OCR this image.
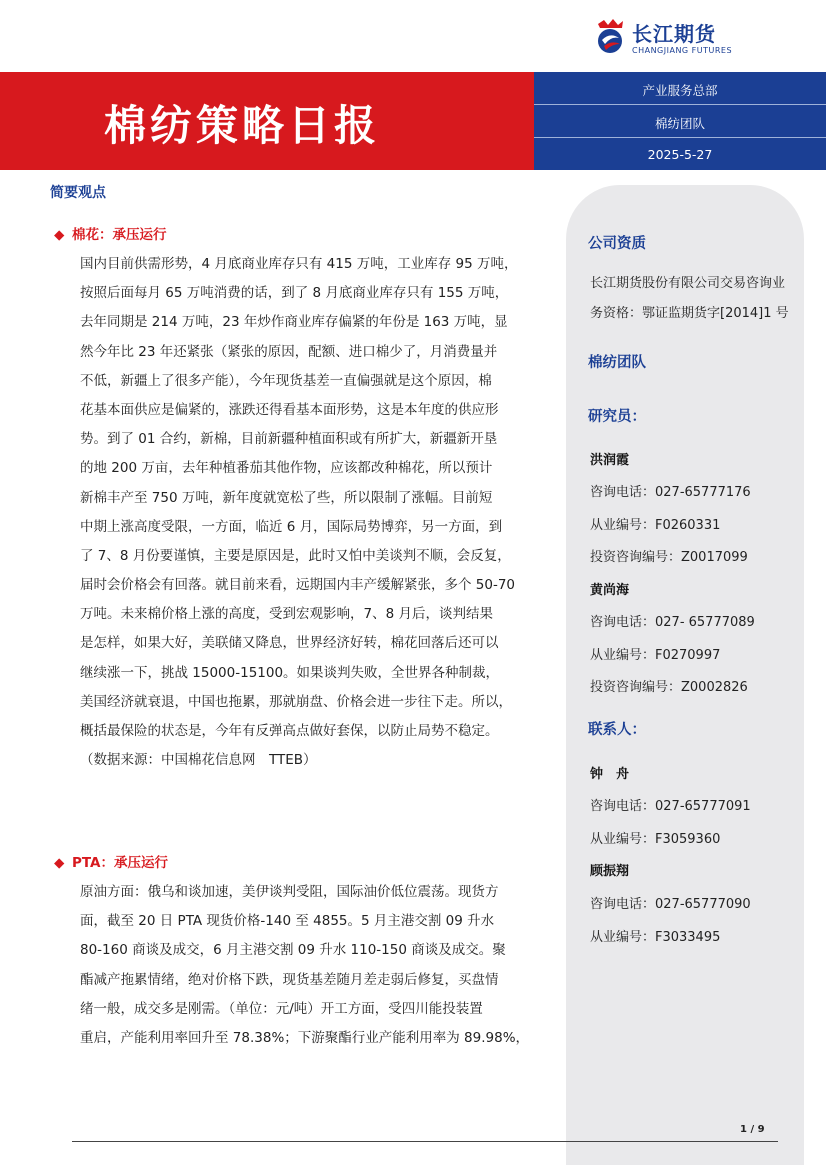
长江期货
CHANGJIANG FUTURES
棉纺策略日报
产业服务总部
棉纺团队
2025-5-27
简要观点
◆ 棉花：承压运行
国内目前供需形势，4 月底商业库存只有 415 万吨，工业库存 95 万吨，
按照后面每月 65 万吨消费的话，到了 8 月底商业库存只有 155 万吨，
去年同期是 214 万吨，23 年炒作商业库存偏紧的年份是 163 万吨，显
然今年比 23 年还紧张（紧张的原因，配额、进口棉少了，月消费量并
不低，新疆上了很多产能），今年现货基差一直偏强就是这个原因，棉
花基本面供应是偏紧的，涨跌还得看基本面形势，这是本年度的供应形
势。到了 01 合约，新棉，目前新疆种植面积或有所扩大，新疆新开垦
的地 200 万亩，去年种植番茄其他作物，应该都改种棉花，所以预计
新棉丰产至 750 万吨，新年度就宽松了些，所以限制了涨幅。目前短
中期上涨高度受限，一方面，临近 6 月，国际局势博弈，另一方面，到
了 7、8 月份要谨慎，主要是原因是，此时又怕中美谈判不顺，会反复，
届时会价格会有回落。就目前来看，远期国内丰产缓解紧张，多个 50-70
万吨。未来棉价格上涨的高度，受到宏观影响，7、8 月后，谈判结果
是怎样，如果大好，美联储又降息，世界经济好转，棉花回落后还可以
继续涨一下，挑战 15000-15100。如果谈判失败，全世界各种制裁，
美国经济就衰退，中国也拖累，那就崩盘、价格会进一步往下走。所以，
概括最保险的状态是，今年有反弹高点做好套保，以防止局势不稳定。
（数据来源：中国棉花信息网　TTEB）
◆ PTA：承压运行
原油方面：俄乌和谈加速，美伊谈判受阻，国际油价低位震荡。现货方
面，截至 20 日 PTA 现货价格-140 至 4855。5 月主港交割 09 升水
80-160 商谈及成交，6 月主港交割 09 升水 110-150 商谈及成交。聚
酯减产拖累情绪，绝对价格下跌，现货基差随月差走弱后修复，买盘情
绪一般，成交多是刚需。（单位：元/吨）开工方面，受四川能投装置
重启，产能利用率回升至 78.38%；下游聚酯行业产能利用率为 89.98%，
公司资质
长江期货股份有限公司交易咨询业
务资格：鄂证监期货字[2014]1 号
棉纺团队
研究员：
洪润霞
咨询电话：027-65777176
从业编号：F0260331
投资咨询编号：Z0017099
黄尚海
咨询电话：027- 65777089
从业编号：F0270997
投资咨询编号：Z0002826
联系人：
钟　舟
咨询电话：027-65777091
从业编号：F3059360
顾振翔
咨询电话：027-65777090
从业编号：F3033495
1 / 9
